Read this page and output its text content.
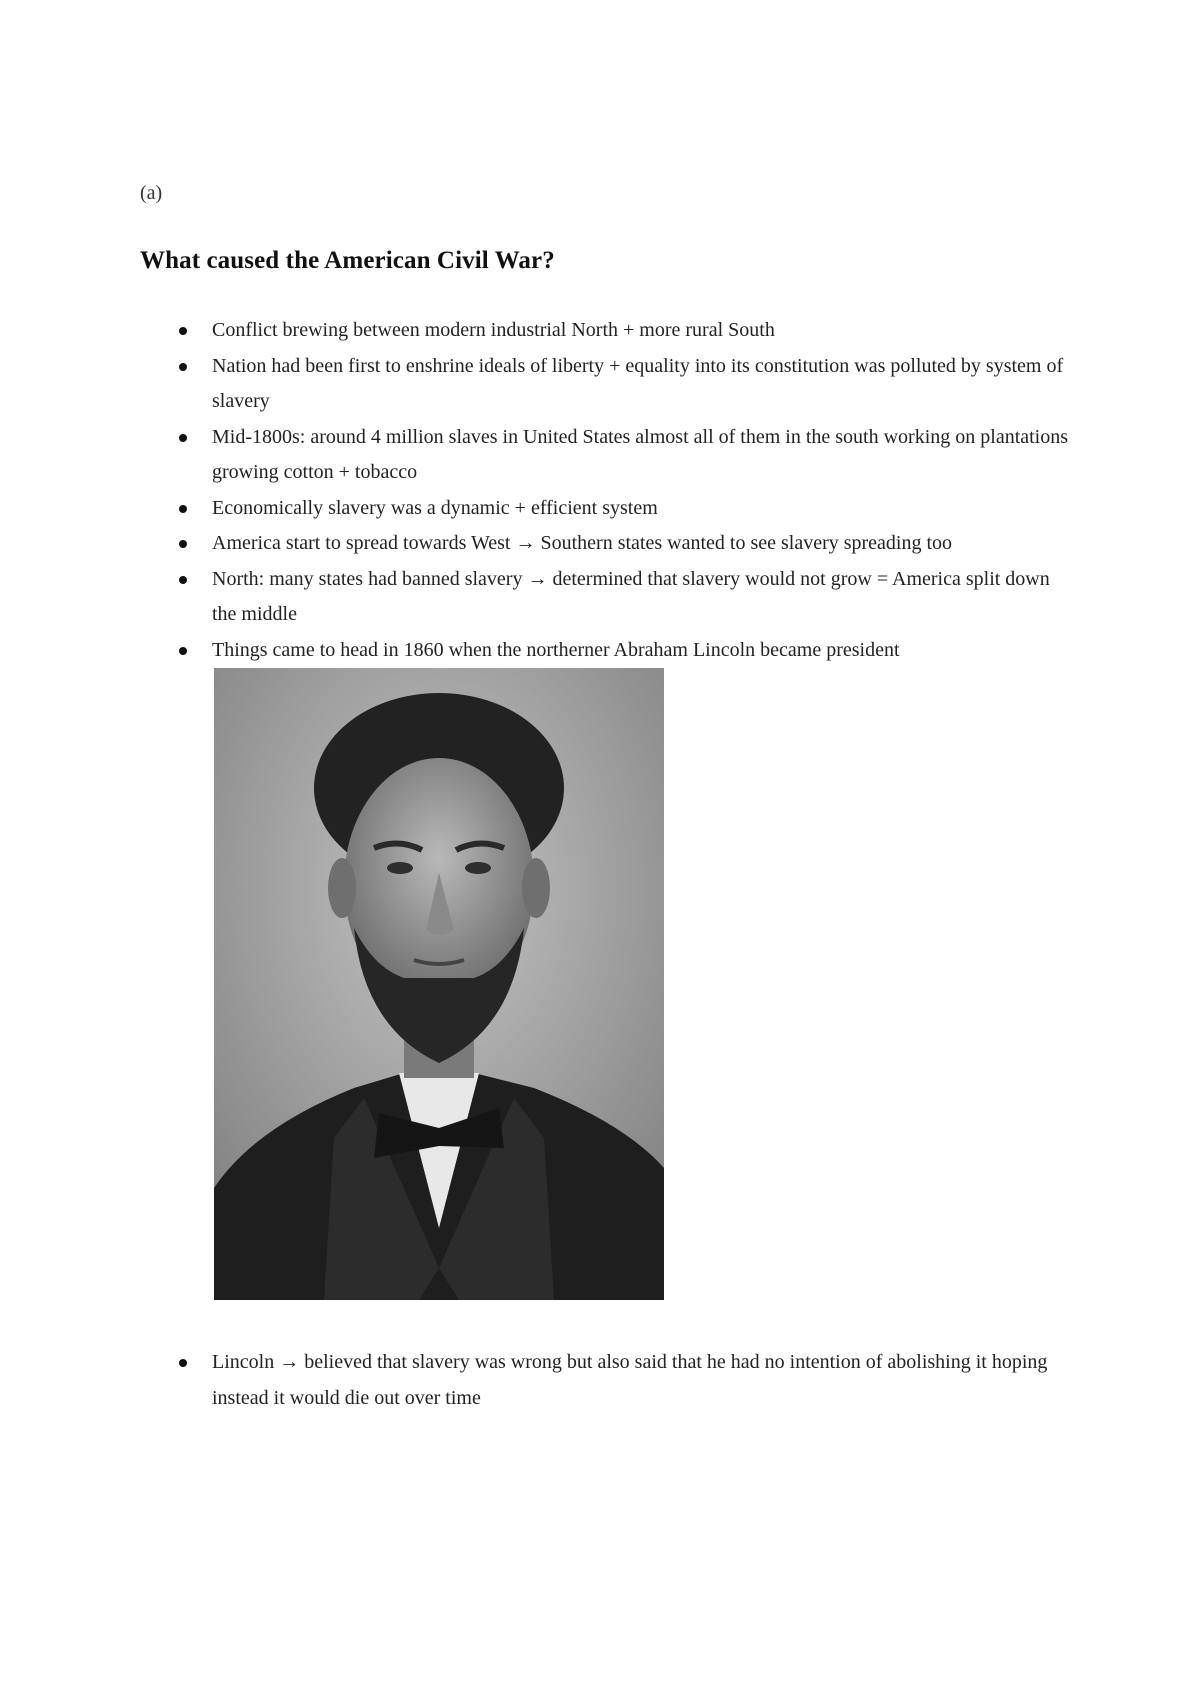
(a)
What caused the American Civil War?
Conflict brewing between modern industrial North + more rural South
Nation had been first to enshrine ideals of liberty + equality into its constitution was polluted by system of slavery
Mid-1800s: around 4 million slaves in United States almost all of them in the south working on plantations growing cotton + tobacco
Economically slavery was a dynamic + efficient system
America start to spread towards West → Southern states wanted to see slavery spreading too
North: many states had banned slavery → determined that slavery would not grow = America split down the middle
Things came to head in 1860 when the northerner Abraham Lincoln became president
Lincoln → believed that slavery was wrong but also said that he had no intention of abolishing it hoping instead it would die out over time
